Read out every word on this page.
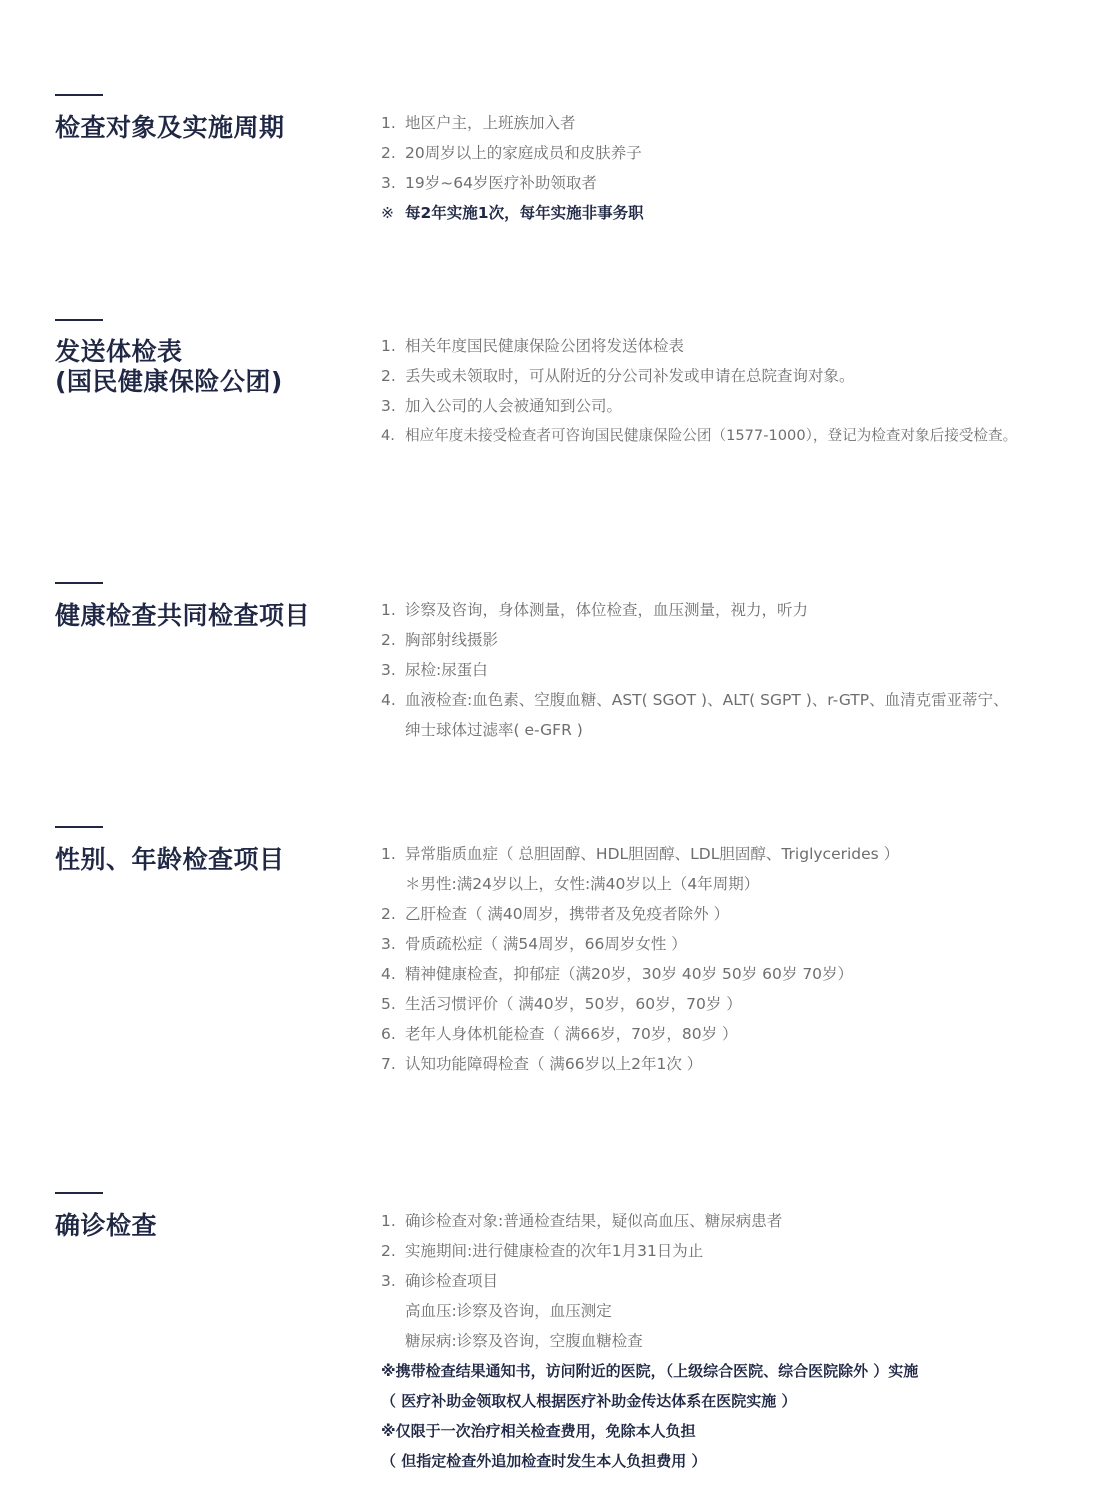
检查对象及实施周期	1. 地区户主，上班族加入者
2. 20周岁以上的家庭成员和皮肤养子
3. 19岁~64岁医疗补助领取者
※ 每2年实施1次，每年实施非事务职
发送体检表
(国民健康保险公团)
1. 相关年度国民健康保险公团将发送体检表
2. 丢失或未领取时，可从附近的分公司补发或申请在总院查询对象。
3. 加入公司的人会被通知到公司。
4. 相应年度未接受检查者可咨询国民健康保险公团（1577-1000），登记为检查对象后接受检查。
健康检查共同检查项目	1. 诊察及咨询，身体测量，体位检查，血压测量，视力，听力
2. 胸部射线摄影
3. 尿检:尿蛋白
4. 血液检查:血色素、空腹血糖、AST( SGOT )、ALT( SGPT )、r-GTP、血清克雷亚蒂宁、
绅士球体过滤率( e-GFR )
性别、年龄检查项目	1. 异常脂质血症（ 总胆固醇、HDL胆固醇、LDL胆固醇、Triglycerides ）
＊男性:满24岁以上，女性:满40岁以上（4年周期）
2. 乙肝检查（ 满40周岁，携带者及免疫者除外 ）
3. 骨质疏松症（ 满54周岁，66周岁女性 ）
4. 精神健康检查，抑郁症（满20岁，30岁 40岁 50岁 60岁 70岁）
5. 生活习惯评价（ 满40岁，50岁，60岁，70岁 ）
6. 老年人身体机能检查（ 满66岁，70岁，80岁 ）
7. 认知功能障碍检查（ 满66岁以上2年1次 ）
确诊检查	1. 确诊检查对象:普通检查结果，疑似高血压、糖尿病患者
2. 实施期间:进行健康检查的次年1月31日为止
3. 确诊检查项目
高血压:诊察及咨询，血压测定
糖尿病:诊察及咨询，空腹血糖检查
※携带检查结果通知书，访问附近的医院，（上级综合医院、综合医院除外 ）实施
（ 医疗补助金领取权人根据医疗补助金传达体系在医院实施 ）
※仅限于一次治疗相关检查费用，免除本人负担
（ 但指定检查外追加检查时发生本人负担费用 ）
